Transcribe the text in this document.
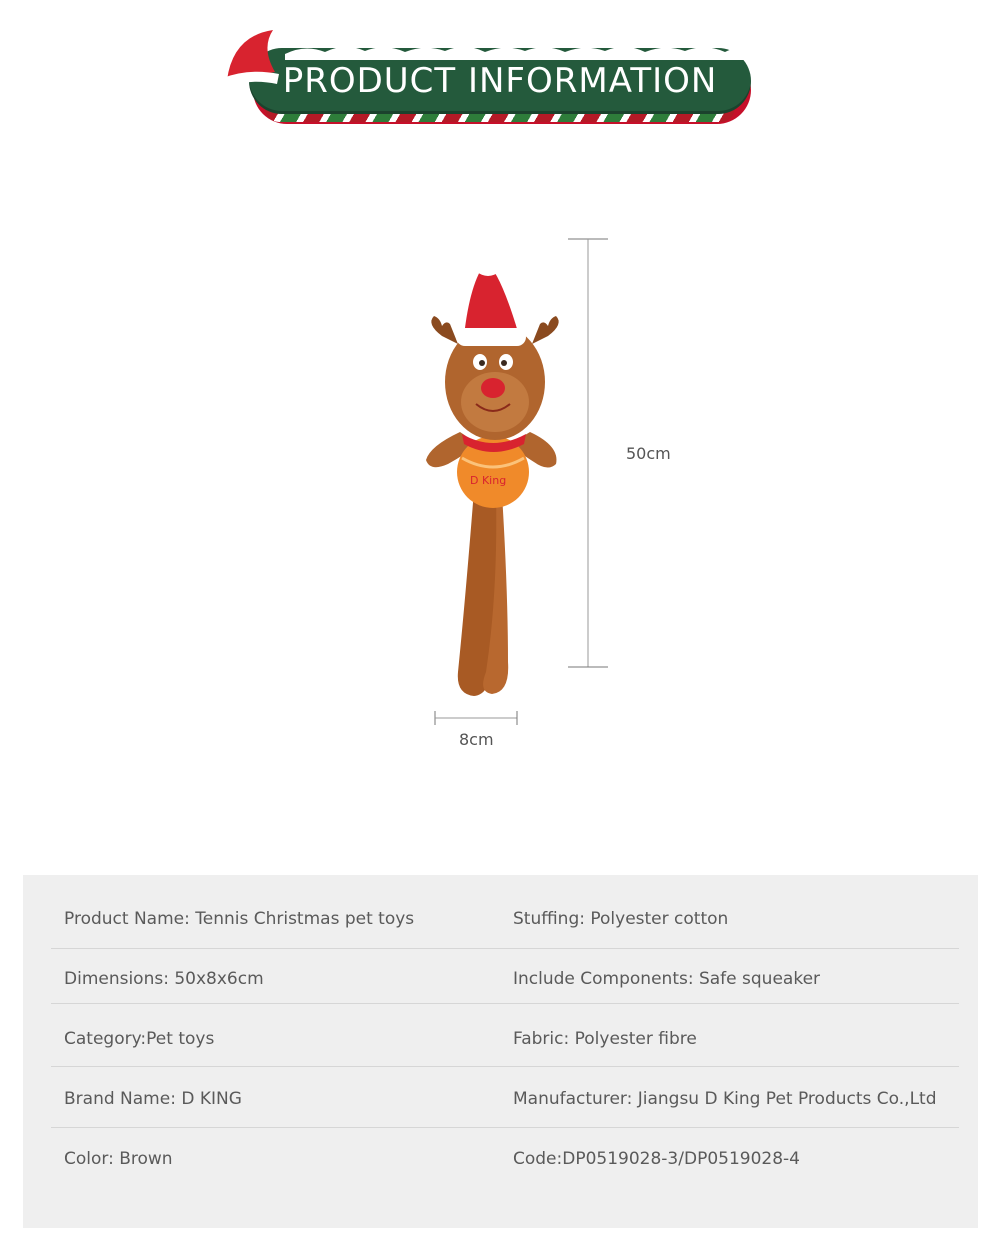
PRODUCT INFORMATION
D King
50cm
8cm
Product Name: Tennis Christmas pet toys	Stuffing: Polyester cotton
Dimensions: 50x8x6cm	Include Components: Safe squeaker
Category:Pet toys	Fabric: Polyester fibre
Brand Name: D KING	Manufacturer: Jiangsu D King Pet Products Co.,Ltd
Color: Brown	Code:DP0519028-3/DP0519028-4
